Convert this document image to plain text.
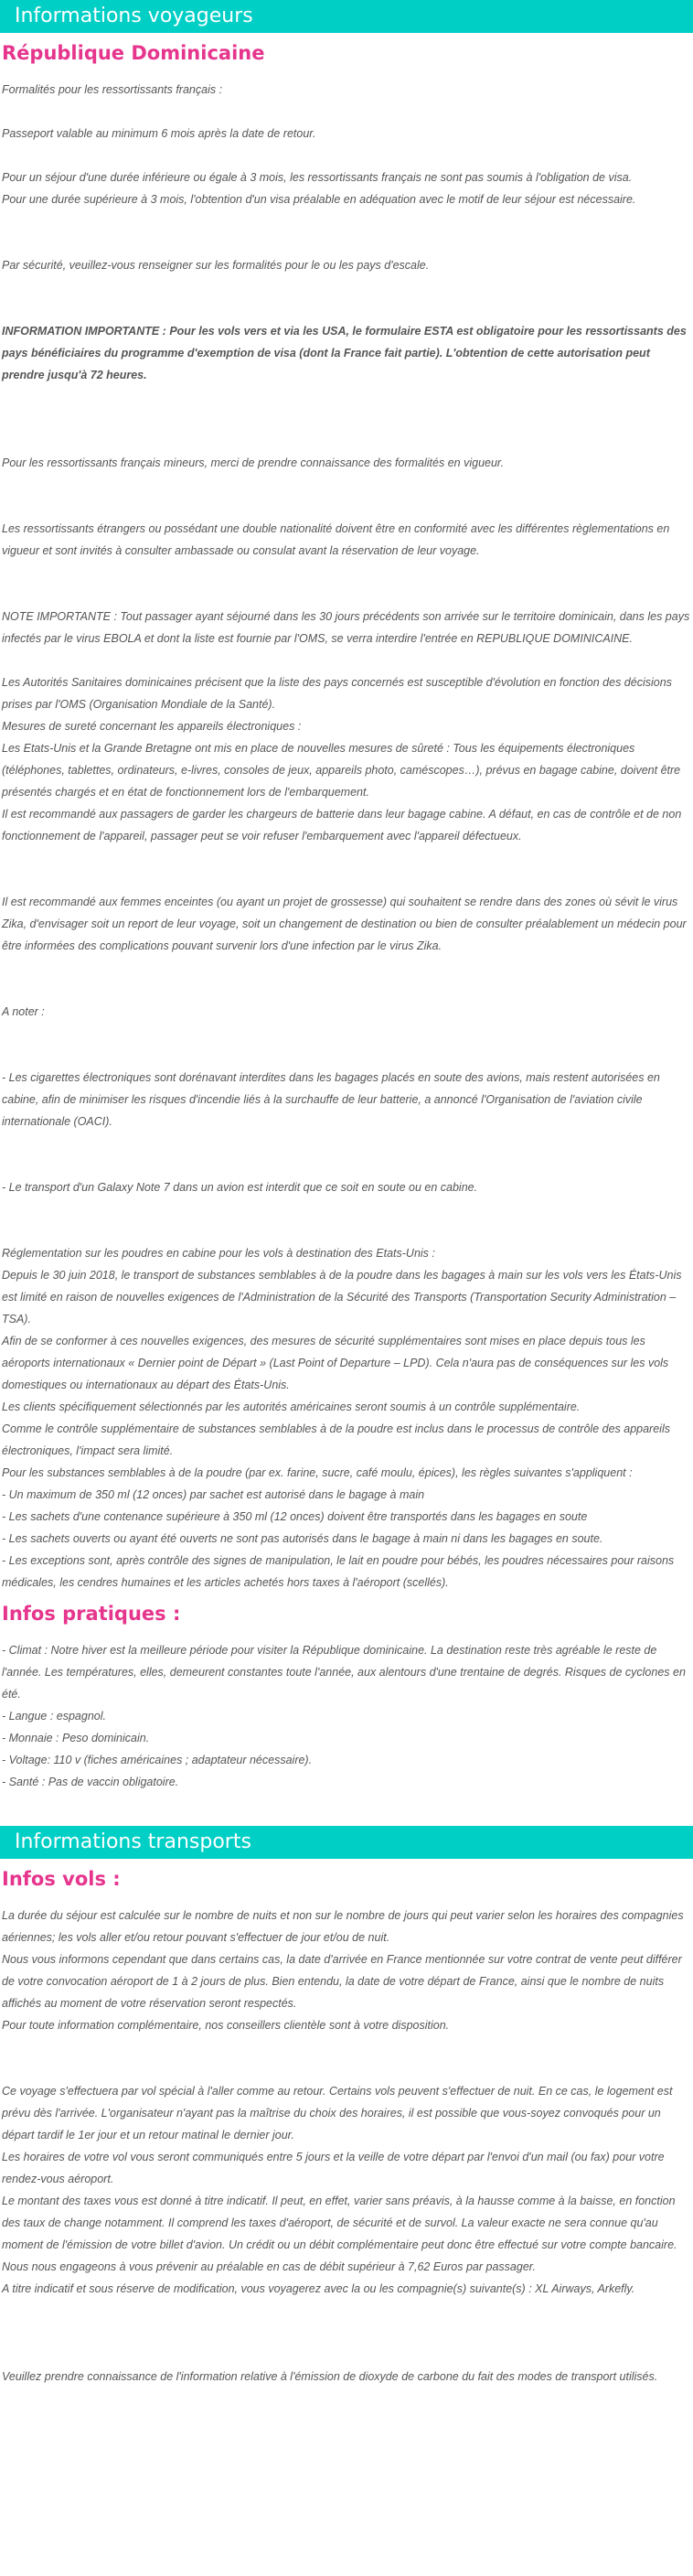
Informations voyageurs
République Dominicaine

Formalités pour les ressortissants français :

Passeport valable au minimum 6 mois après la date de retour.

Pour un séjour d'une durée inférieure ou égale à 3 mois, les ressortissants français ne sont pas soumis à l'obligation de visa.

Pour une durée supérieure à 3 mois, l'obtention d'un visa préalable en adéquation avec le motif de leur séjour est nécessaire.

Par sécurité, veuillez-vous renseigner sur les formalités pour le ou les pays d'escale.

INFORMATION IMPORTANTE : Pour les vols vers et via les USA, le formulaire ESTA est obligatoire pour les ressortissants des pays bénéficiaires du programme d'exemption de visa (dont la France fait partie). L'obtention de cette autorisation peut prendre jusqu'à 72 heures.

Pour les ressortissants français mineurs, merci de prendre connaissance des formalités en vigueur.

Les ressortissants étrangers ou possédant une double nationalité doivent être en conformité avec les différentes règlementations en vigueur et sont invités à consulter ambassade ou consulat avant la réservation de leur voyage.

NOTE IMPORTANTE : Tout passager ayant séjourné dans les 30 jours précédents son arrivée sur le territoire dominicain, dans les pays infectés par le virus EBOLA et dont la liste est fournie par l'OMS, se verra interdire l'entrée en REPUBLIQUE DOMINICAINE.

Les Autorités Sanitaires dominicaines précisent que la liste des pays concernés est susceptible d'évolution en fonction des décisions prises par l'OMS (Organisation Mondiale de la Santé).

Mesures de sureté concernant les appareils électroniques :

Les Etats-Unis et la Grande Bretagne ont mis en place de nouvelles mesures de sûreté : Tous les équipements électroniques (téléphones, tablettes, ordinateurs, e-livres, consoles de jeux, appareils photo, caméscopes…), prévus en bagage cabine, doivent être présentés chargés et en état de fonctionnement lors de l'embarquement.

Il est recommandé aux passagers de garder les chargeurs de batterie dans leur bagage cabine. A défaut, en cas de contrôle et de non fonctionnement de l'appareil, passager peut se voir refuser l'embarquement avec l'appareil défectueux.

Il est recommandé aux femmes enceintes (ou ayant un projet de grossesse) qui souhaitent se rendre dans des zones où sévit le virus Zika, d'envisager soit un report de leur voyage, soit un changement de destination ou bien de consulter préalablement un médecin pour être informées des complications pouvant survenir lors d'une infection par le virus Zika.

A noter :

- Les cigarettes électroniques sont dorénavant interdites dans les bagages placés en soute des avions, mais restent autorisées en cabine, afin de minimiser les risques d'incendie liés à la surchauffe de leur batterie, a annoncé l'Organisation de l'aviation civile internationale (OACI).

- Le transport d'un Galaxy Note 7 dans un avion est interdit que ce soit en soute ou en cabine.

Réglementation sur les poudres en cabine pour les vols à destination des Etats-Unis :

Depuis le 30 juin 2018, le transport de substances semblables à de la poudre dans les bagages à main sur les vols vers les États-Unis est limité en raison de nouvelles exigences de l'Administration de la Sécurité des Transports (Transportation Security Administration – TSA).

Afin de se conformer à ces nouvelles exigences, des mesures de sécurité supplémentaires sont mises en place depuis tous les aéroports internationaux « Dernier point de Départ » (Last Point of Departure – LPD). Cela n'aura pas de conséquences sur les vols domestiques ou internationaux au départ des États-Unis.

Les clients spécifiquement sélectionnés par les autorités américaines seront soumis à un contrôle supplémentaire.

Comme le contrôle supplémentaire de substances semblables à de la poudre est inclus dans le processus de contrôle des appareils électroniques, l'impact sera limité.

Pour les substances semblables à de la poudre (par ex. farine, sucre, café moulu, épices), les règles suivantes s'appliquent :

- Un maximum de 350 ml (12 onces) par sachet est autorisé dans le bagage à main

- Les sachets d'une contenance supérieure à 350 ml (12 onces) doivent être transportés dans les bagages en soute

- Les sachets ouverts ou ayant été ouverts ne sont pas autorisés dans le bagage à main ni dans les bagages en soute.

- Les exceptions sont, après contrôle des signes de manipulation, le lait en poudre pour bébés, les poudres nécessaires pour raisons médicales, les cendres humaines et les articles achetés hors taxes à l'aéroport (scellés).

Infos pratiques :

- Climat : Notre hiver est la meilleure période pour visiter la République dominicaine. La destination reste très agréable le reste de l'année. Les températures, elles, demeurent constantes toute l'année, aux alentours d'une trentaine de degrés. Risques de cyclones en été.

- Langue : espagnol.

- Monnaie : Peso dominicain.

- Voltage: 110 v (fiches américaines ; adaptateur nécessaire).

- Santé : Pas de vaccin obligatoire.

Informations transports
Infos vols :

La durée du séjour est calculée sur le nombre de nuits et non sur le nombre de jours qui peut varier selon les horaires des compagnies aériennes; les vols aller et/ou retour pouvant s'effectuer de jour et/ou de nuit.

Nous vous informons cependant que dans certains cas, la date d'arrivée en France mentionnée sur votre contrat de vente peut différer de votre convocation aéroport de 1 à 2 jours de plus. Bien entendu, la date de votre départ de France, ainsi que le nombre de nuits affichés au moment de votre réservation seront respectés.

Pour toute information complémentaire, nos conseillers clientèle sont à votre disposition.

Ce voyage s'effectuera par vol spécial à l'aller comme au retour. Certains vols peuvent s'effectuer de nuit. En ce cas, le logement est prévu dès l'arrivée. L'organisateur n'ayant pas la maîtrise du choix des horaires, il est possible que vous-soyez convoqués pour un départ tardif le 1er jour et un retour matinal le dernier jour.

Les horaires de votre vol vous seront communiqués entre 5 jours et la veille de votre départ par l'envoi d'un mail (ou fax) pour votre rendez-vous aéroport.

Le montant des taxes vous est donné à titre indicatif. Il peut, en effet, varier sans préavis, à la hausse comme à la baisse, en fonction des taux de change notamment. Il comprend les taxes d'aéroport, de sécurité et de survol. La valeur exacte ne sera connue qu'au moment de l'émission de votre billet d'avion. Un crédit ou un débit complémentaire peut donc être effectué sur votre compte bancaire. Nous nous engageons à vous prévenir au préalable en cas de débit supérieur à 7,62 Euros par passager.

A titre indicatif et sous réserve de modification, vous voyagerez avec la ou les compagnie(s) suivante(s) : XL Airways, Arkefly.

Veuillez prendre connaissance de l'information relative à l'émission de dioxyde de carbone du fait des modes de transport utilisés.
